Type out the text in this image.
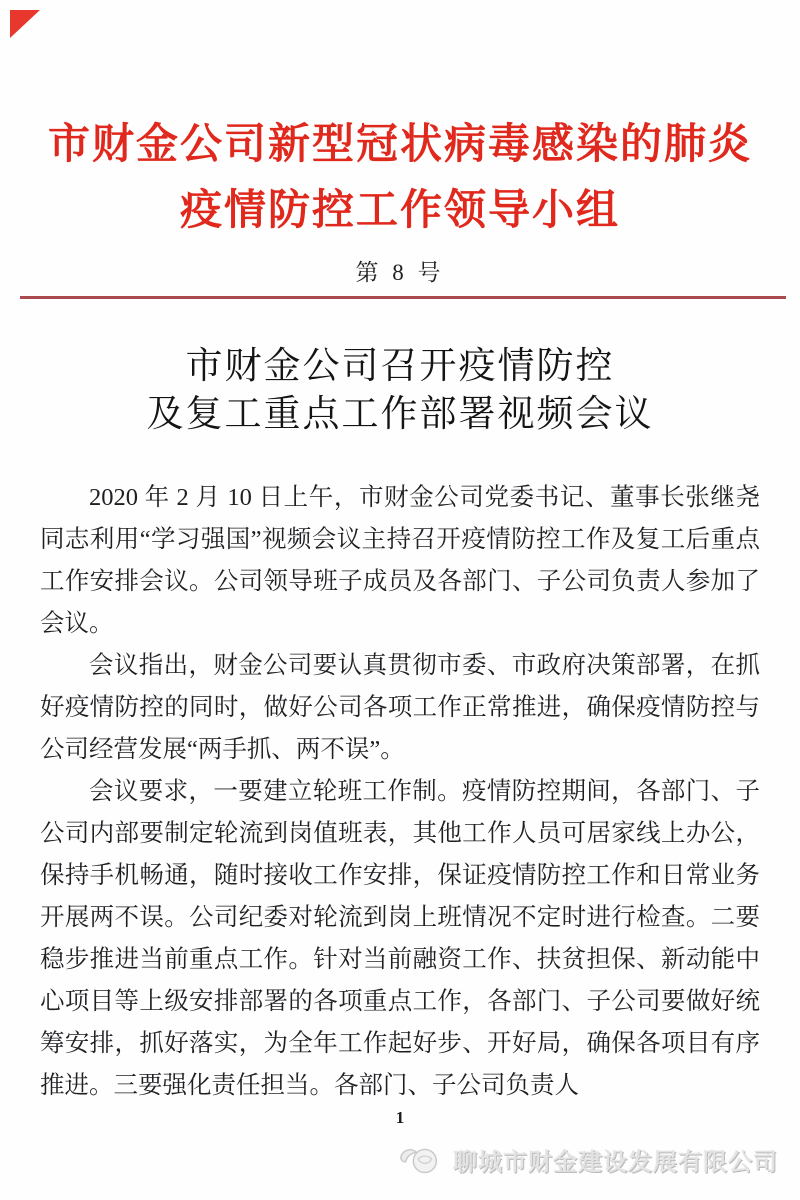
市财金公司新型冠状病毒感染的肺炎
疫情防控工作领导小组
第 8 号
市财金公司召开疫情防控
及复工重点工作部署视频会议

2020 年 2 月 10 日上午，市财金公司党委书记、董事长张继尧同志利用“学习强国”视频会议主持召开疫情防控工作及复工后重点工作安排会议。公司领导班子成员及各部门、子公司负责人参加了会议。

会议指出，财金公司要认真贯彻市委、市政府决策部署，在抓好疫情防控的同时，做好公司各项工作正常推进，确保疫情防控与公司经营发展“两手抓、两不误”。

会议要求，一要建立轮班工作制。疫情防控期间，各部门、子公司内部要制定轮流到岗值班表，其他工作人员可居家线上办公，保持手机畅通，随时接收工作安排，保证疫情防控工作和日常业务开展两不误。公司纪委对轮流到岗上班情况不定时进行检查。二要稳步推进当前重点工作。针对当前融资工作、扶贫担保、新动能中心项目等上级安排部署的各项重点工作，各部门、子公司要做好统筹安排，抓好落实，为全年工作起好步、开好局，确保各项目有序推进。三要强化责任担当。各部门、子公司负责人

1
聊城市财金建设发展有限公司
